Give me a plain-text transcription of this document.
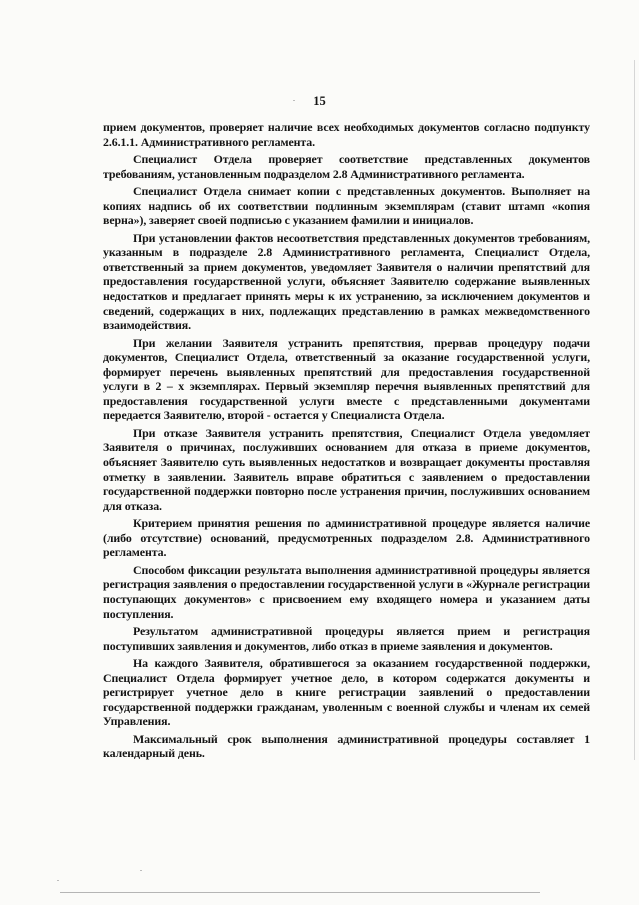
15

прием документов, проверяет наличие всех необходимых документов согласно подпункту 2.6.1.1. Административного регламента.

Специалист Отдела проверяет соответствие представленных документов требованиям, установленным подразделом 2.8 Административного регламента.

Специалист Отдела снимает копии с представленных документов. Выполняет на копиях надпись об их соответствии подлинным экземплярам (ставит штамп «копия верна»), заверяет своей подписью с указанием фамилии и инициалов.

При установлении фактов несоответствия представленных документов требованиям, указанным в подразделе 2.8 Административного регламента, Специалист Отдела, ответственный за прием документов, уведомляет Заявителя о наличии препятствий для предоставления государственной услуги, объясняет Заявителю содержание выявленных недостатков и предлагает принять меры к их устранению, за исключением документов и сведений, содержащих в них, подлежащих представлению в рамках межведомственного взаимодействия.

При желании Заявителя устранить препятствия, прервав процедуру подачи документов, Специалист Отдела, ответственный за оказание государственной услуги, формирует перечень выявленных препятствий для предоставления государственной услуги в 2 – х экземплярах. Первый экземпляр перечня выявленных препятствий для предоставления государственной услуги вместе с представленными документами передается Заявителю, второй - остается у Специалиста Отдела.

При отказе Заявителя устранить препятствия, Специалист Отдела уведомляет Заявителя о причинах, послуживших основанием для отказа в приеме документов, объясняет Заявителю суть выявленных недостатков и возвращает документы проставляя отметку в заявлении. Заявитель вправе обратиться с заявлением о предоставлении государственной поддержки повторно после устранения причин, послуживших основанием для отказа.

Критерием принятия решения по административной процедуре является наличие (либо отсутствие) оснований, предусмотренных подразделом 2.8. Административного регламента.

Способом фиксации результата выполнения административной процедуры является регистрация заявления о предоставлении государственной услуги в «Журнале регистрации поступающих документов» с присвоением ему входящего номера и указанием даты поступления.

Результатом административной процедуры является прием и регистрация поступивших заявления и документов, либо отказ в приеме заявления и документов.

На каждого Заявителя, обратившегося за оказанием государственной поддержки, Специалист Отдела формирует учетное дело, в котором содержатся документы и регистрирует учетное дело в книге регистрации заявлений о предоставлении государственной поддержки гражданам, уволенным с военной службы и членам их семей Управления.

Максимальный срок выполнения административной процедуры составляет 1 календарный день.
